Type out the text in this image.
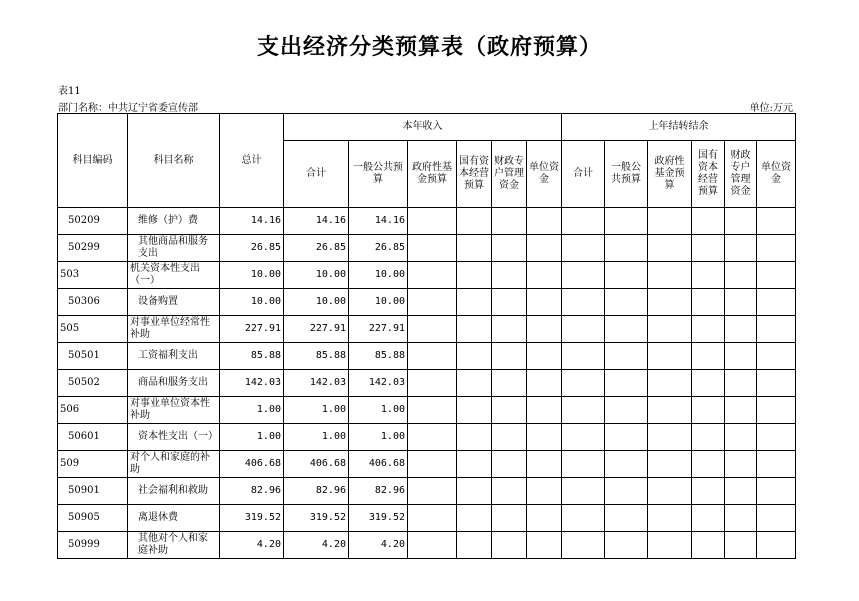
支出经济分类预算表（政府预算）
表11
部门名称：中共辽宁省委宣传部	单位:万元
科目编码	科目名称	总计	本年收入						上年结转结余					
			合计	一般公共预算	政府性基金预算	国有资本经营预算	财政专户管理资金	单位资金	合计	一般公共预算	政府性基金预算	国有资本经营预算	财政专户管理资金	单位资金
50209	维修（护）费	14.16	14.16	14.16										
50299	其他商品和服务支出	26.85	26.85	26.85										
503	机关资本性支出（一）	10.00	10.00	10.00										
50306	设备购置	10.00	10.00	10.00										
505	对事业单位经常性补助	227.91	227.91	227.91										
50501	工资福利支出	85.88	85.88	85.88										
50502	商品和服务支出	142.03	142.03	142.03										
506	对事业单位资本性补助	1.00	1.00	1.00										
50601	资本性支出（一）	1.00	1.00	1.00										
509	对个人和家庭的补助	406.68	406.68	406.68										
50901	社会福利和救助	82.96	82.96	82.96										
50905	离退休费	319.52	319.52	319.52										
50999	其他对个人和家庭补助	4.20	4.20	4.20										
